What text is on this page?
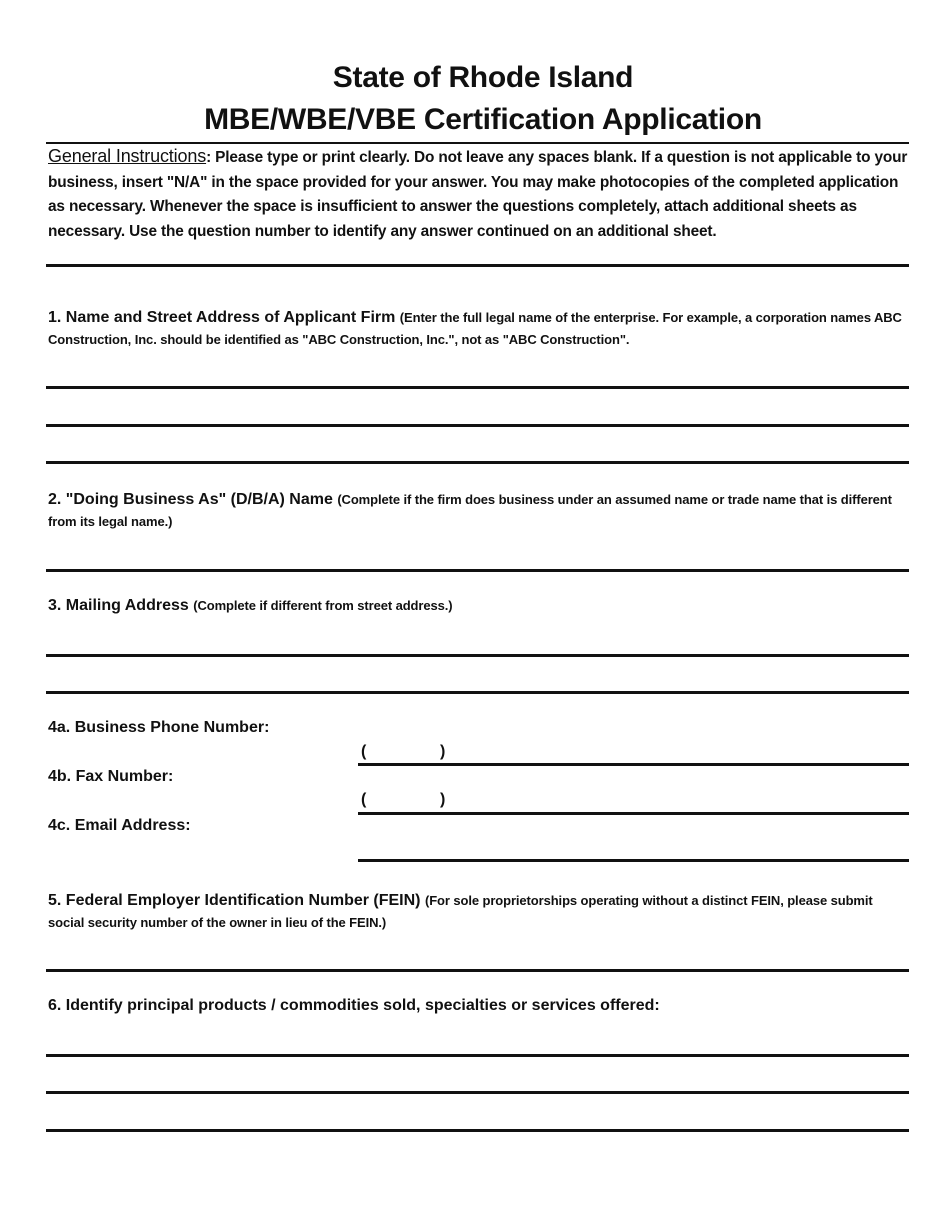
State of Rhode Island
MBE/WBE/VBE Certification Application
General Instructions: Please type or print clearly. Do not leave any spaces blank. If a question is not applicable to your business, insert "N/A" in the space provided for your answer. You may make photocopies of the completed application as necessary. Whenever the space is insufficient to answer the questions completely, attach additional sheets as necessary. Use the question number to identify any answer continued on an additional sheet.
1. Name and Street Address of Applicant Firm (Enter the full legal name of the enterprise. For example, a corporation names ABC Construction, Inc. should be identified as "ABC Construction, Inc.", not as "ABC Construction".
2. "Doing Business As" (D/B/A) Name (Complete if the firm does business under an assumed name or trade name that is different from its legal name.)
3. Mailing Address (Complete if different from street address.)
4a. Business Phone Number:
(	)
4b. Fax Number:
(	)
4c. Email Address:
5. Federal Employer Identification Number (FEIN) (For sole proprietorships operating without a distinct FEIN, please submit social security number of the owner in lieu of the FEIN.)
6. Identify principal products / commodities sold, specialties or services offered:
